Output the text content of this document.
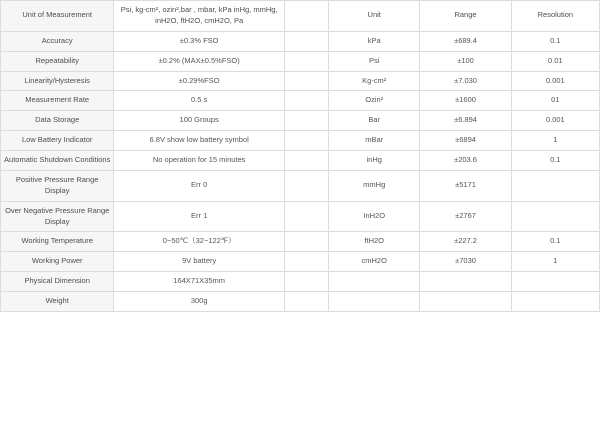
Unit of Measurement	Psi, kg-cm², ozin²,bar , mbar, kPa inHg, mmHg, inH2O, ftH2O, cmH2O, Pa		Unit	Range	Resolution
Accuracy	±0.3% FSO		kPa	±689.4	0.1
Repeatability	±0.2% (MAX±0.5%FSO)		Psi	±100	0.01
Linearity/Hysteresis	±0.29%FSO		Kg-cm²	±7.030	0.001
Measurement Rate	0.5 s		Ozin²	±1600	01
Data Storage	100 Groups		Bar	±6.894	0.001
Low Battery Indicator	6.8V show low battery symbol		mBar	±6894	1
Automatic Shutdown Conditions	No operation for 15 minutes		inHg	±203.6	0.1
Positive Pressure Range Display	Err 0		mmHg	±5171	
Over Negative Pressure Range Display	Err 1		InH2O	±2767	
Working Temperature	0~50℃（32~122℉）		ftH2O	±227.2	0.1
Working Power	9V battery		cmH2O	±7030	1
Physical Dimension	164X71X35mm				
Weight	300g				
